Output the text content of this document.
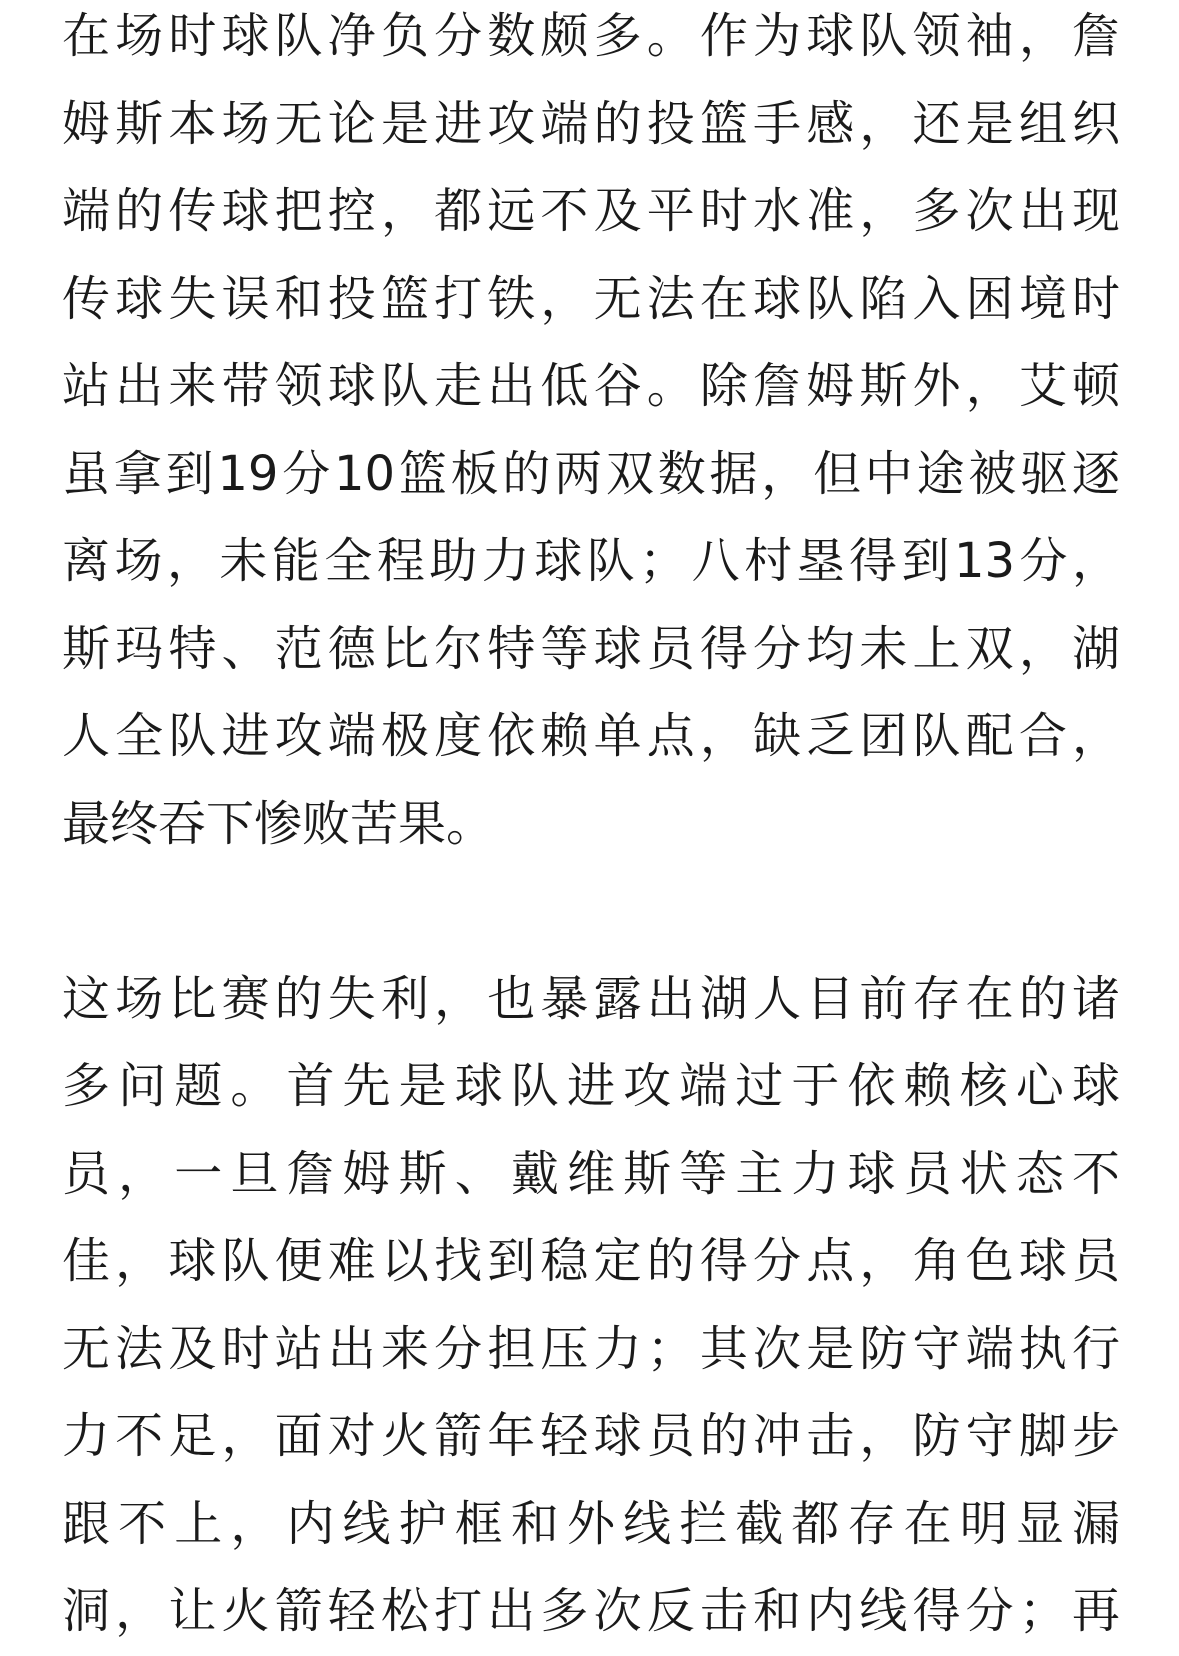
在场时球队净负分数颇多。作为球队领袖，詹
姆斯本场无论是进攻端的投篮手感，还是组织
端的传球把控，都远不及平时水准，多次出现
传球失误和投篮打铁，无法在球队陷入困境时
站出来带领球队走出低谷。除詹姆斯外，艾顿
虽拿到19分10篮板的两双数据，但中途被驱逐
离场，未能全程助力球队；八村塁得到13分，
斯玛特、范德比尔特等球员得分均未上双，湖
人全队进攻端极度依赖单点，缺乏团队配合，
最终吞下惨败苦果。
这场比赛的失利，也暴露出湖人目前存在的诸
多问题。首先是球队进攻端过于依赖核心球
员，一旦詹姆斯、戴维斯等主力球员状态不
佳，球队便难以找到稳定的得分点，角色球员
无法及时站出来分担压力；其次是防守端执行
力不足，面对火箭年轻球员的冲击，防守脚步
跟不上，内线护框和外线拦截都存在明显漏
洞，让火箭轻松打出多次反击和内线得分；再
